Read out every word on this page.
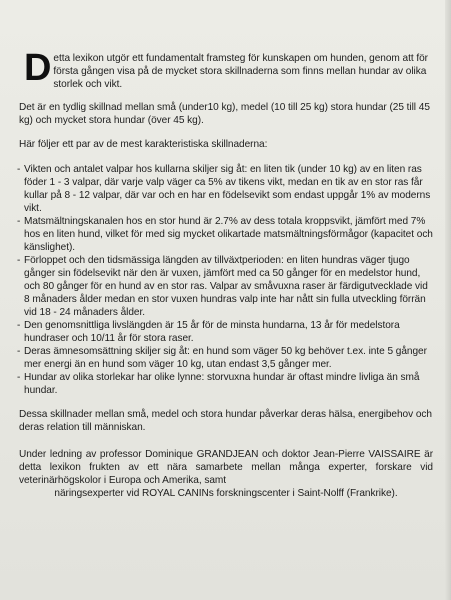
D etta lexikon utgör ett fundamentalt framsteg för kunskapen om hunden, genom att för första gången visa på de mycket stora skillnaderna som finns mellan hundar av olika storlek och vikt.

Det är en tydlig skillnad mellan små (under10 kg), medel (10 till 25 kg) stora hundar (25 till 45 kg) och mycket stora hundar (över 45 kg).

Här följer ett par av de mest karakteristiska skillnaderna:

- Vikten och antalet valpar hos kullarna skiljer sig åt: en liten tik (under 10 kg) av en liten ras föder 1 - 3 valpar, där varje valp väger ca 5% av tikens vikt, medan en tik av en stor ras får kullar på 8 - 12 valpar, där var och en har en födelsevikt som endast uppgår 1% av moderns vikt.
- Matsmältningskanalen hos en stor hund är 2.7% av dess totala kroppsvikt, jämfört med 7% hos en liten hund, vilket för med sig mycket olikartade matsmältningsförmågor (kapacitet och känslighet).
- Förloppet och den tidsmässiga längden av tillväxtperioden: en liten hundras väger tjugo gånger sin födelsevikt när den är vuxen, jämfört med ca 50 gånger för en medelstor hund, och 80 gånger för en hund av en stor ras. Valpar av småvuxna raser är färdigutvecklade vid 8 månaders ålder medan en stor vuxen hundras valp inte har nått sin fulla utveckling förrän vid 18 - 24 månaders ålder.
- Den genomsnittliga livslängden är 15 år för de minsta hundarna, 13 år för medelstora hundraser och 10/11 år för stora raser.
- Deras ämnesomsättning skiljer sig åt: en hund som väger 50 kg behöver t.ex. inte 5 gånger mer energi än en hund som väger 10 kg, utan endast 3,5 gånger mer.
- Hundar av olika storlekar har olike lynne: storvuxna hundar är oftast mindre livliga än små hundar.

Dessa skillnader mellan små, medel och stora hundar påverkar deras hälsa, energibehov och deras relation till människan.

Under ledning av professor Dominique GRANDJEAN och doktor Jean-Pierre VAISSAIRE är detta lexikon frukten av ett nära samarbete mellan många experter, forskare vid veterinärhögskolor i Europa och Amerika, samt
näringsexperter vid ROYAL CANINs forskningscenter i Saint-Nolff (Frankrike).
